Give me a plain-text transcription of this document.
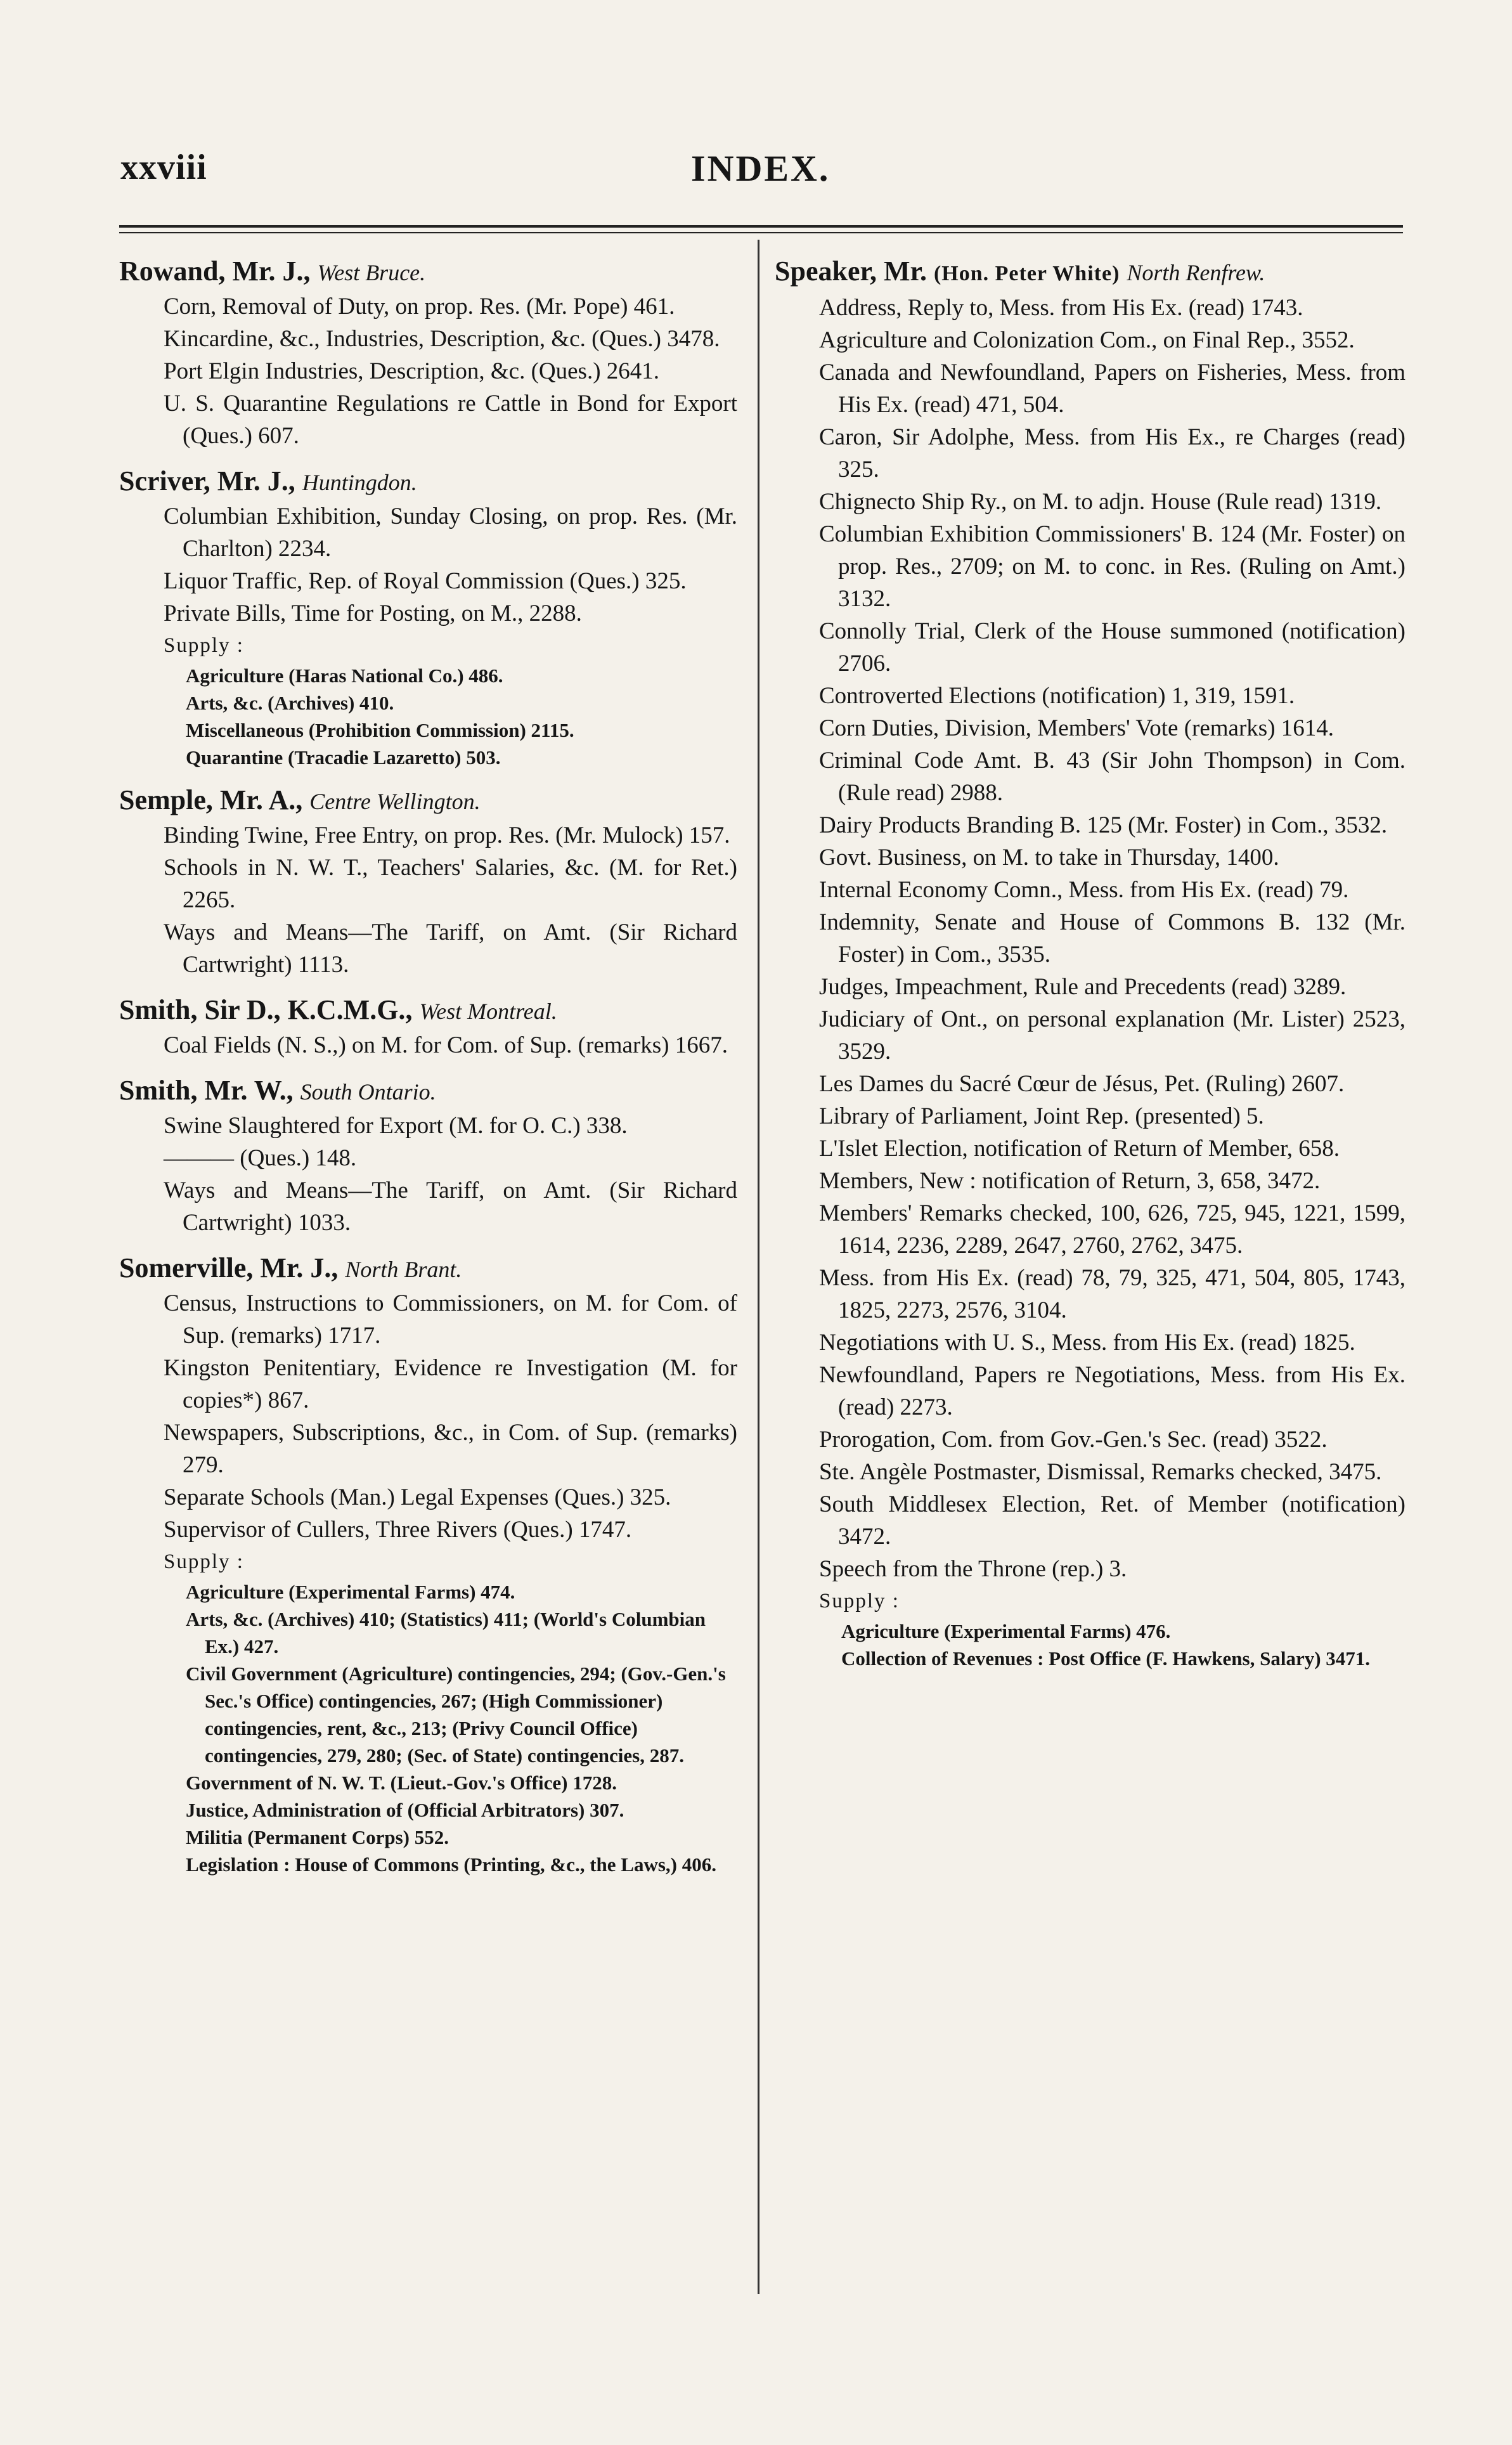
xxviii	INDEX.
Rowand, Mr. J., West Bruce.
Corn, Removal of Duty, on prop. Res. (Mr. Pope) 461.
Kincardine, &c., Industries, Description, &c. (Ques.) 3478.
Port Elgin Industries, Description, &c. (Ques.) 2641.
U. S. Quarantine Regulations re Cattle in Bond for Export (Ques.) 607.
Scriver, Mr. J., Huntingdon.
Columbian Exhibition, Sunday Closing, on prop. Res. (Mr. Charlton) 2234.
Liquor Traffic, Rep. of Royal Commission (Ques.) 325.
Private Bills, Time for Posting, on M., 2288.
Supply :
Agriculture (Haras National Co.) 486.
Arts, &c. (Archives) 410.
Miscellaneous (Prohibition Commission) 2115.
Quarantine (Tracadie Lazaretto) 503.
Semple, Mr. A., Centre Wellington.
Binding Twine, Free Entry, on prop. Res. (Mr. Mulock) 157.
Schools in N. W. T., Teachers' Salaries, &c. (M. for Ret.) 2265.
Ways and Means—The Tariff, on Amt. (Sir Richard Cartwright) 1113.
Smith, Sir D., K.C.M.G., West Montreal.
Coal Fields (N. S.,) on M. for Com. of Sup. (remarks) 1667.
Smith, Mr. W., South Ontario.
Swine Slaughtered for Export (M. for O. C.) 338.
——— (Ques.) 148.
Ways and Means—The Tariff, on Amt. (Sir Richard Cartwright) 1033.
Somerville, Mr. J., North Brant.
Census, Instructions to Commissioners, on M. for Com. of Sup. (remarks) 1717.
Kingston Penitentiary, Evidence re Investigation (M. for copies*) 867.
Newspapers, Subscriptions, &c., in Com. of Sup. (remarks) 279.
Separate Schools (Man.) Legal Expenses (Ques.) 325.
Supervisor of Cullers, Three Rivers (Ques.) 1747.
Supply :
Agriculture (Experimental Farms) 474.
Arts, &c. (Archives) 410; (Statistics) 411; (World's Columbian Ex.) 427.
Civil Government (Agriculture) contingencies, 294; (Gov.-Gen.'s Sec.'s Office) contingencies, 267; (High Commissioner) contingencies, rent, &c., 213; (Privy Council Office) contingencies, 279, 280; (Sec. of State) contingencies, 287.
Government of N. W. T. (Lieut.-Gov.'s Office) 1728.
Justice, Administration of (Official Arbitrators) 307.
Militia (Permanent Corps) 552.
Legislation : House of Commons (Printing, &c., the Laws,) 406.
Speaker, Mr. (Hon. Peter White) North Renfrew.
Address, Reply to, Mess. from His Ex. (read) 1743.
Agriculture and Colonization Com., on Final Rep., 3552.
Canada and Newfoundland, Papers on Fisheries, Mess. from His Ex. (read) 471, 504.
Caron, Sir Adolphe, Mess. from His Ex., re Charges (read) 325.
Chignecto Ship Ry., on M. to adjn. House (Rule read) 1319.
Columbian Exhibition Commissioners' B. 124 (Mr. Foster) on prop. Res., 2709; on M. to conc. in Res. (Ruling on Amt.) 3132.
Connolly Trial, Clerk of the House summoned (notification) 2706.
Controverted Elections (notification) 1, 319, 1591.
Corn Duties, Division, Members' Vote (remarks) 1614.
Criminal Code Amt. B. 43 (Sir John Thompson) in Com. (Rule read) 2988.
Dairy Products Branding B. 125 (Mr. Foster) in Com., 3532.
Govt. Business, on M. to take in Thursday, 1400.
Internal Economy Comn., Mess. from His Ex. (read) 79.
Indemnity, Senate and House of Commons B. 132 (Mr. Foster) in Com., 3535.
Judges, Impeachment, Rule and Precedents (read) 3289.
Judiciary of Ont., on personal explanation (Mr. Lister) 2523, 3529.
Les Dames du Sacré Cœur de Jésus, Pet. (Ruling) 2607.
Library of Parliament, Joint Rep. (presented) 5.
L'Islet Election, notification of Return of Member, 658.
Members, New : notification of Return, 3, 658, 3472.
Members' Remarks checked, 100, 626, 725, 945, 1221, 1599, 1614, 2236, 2289, 2647, 2760, 2762, 3475.
Mess. from His Ex. (read) 78, 79, 325, 471, 504, 805, 1743, 1825, 2273, 2576, 3104.
Negotiations with U. S., Mess. from His Ex. (read) 1825.
Newfoundland, Papers re Negotiations, Mess. from His Ex. (read) 2273.
Prorogation, Com. from Gov.-Gen.'s Sec. (read) 3522.
Ste. Angèle Postmaster, Dismissal, Remarks checked, 3475.
South Middlesex Election, Ret. of Member (notification) 3472.
Speech from the Throne (rep.) 3.
Supply :
Agriculture (Experimental Farms) 476.
Collection of Revenues : Post Office (F. Hawkens, Salary) 3471.
